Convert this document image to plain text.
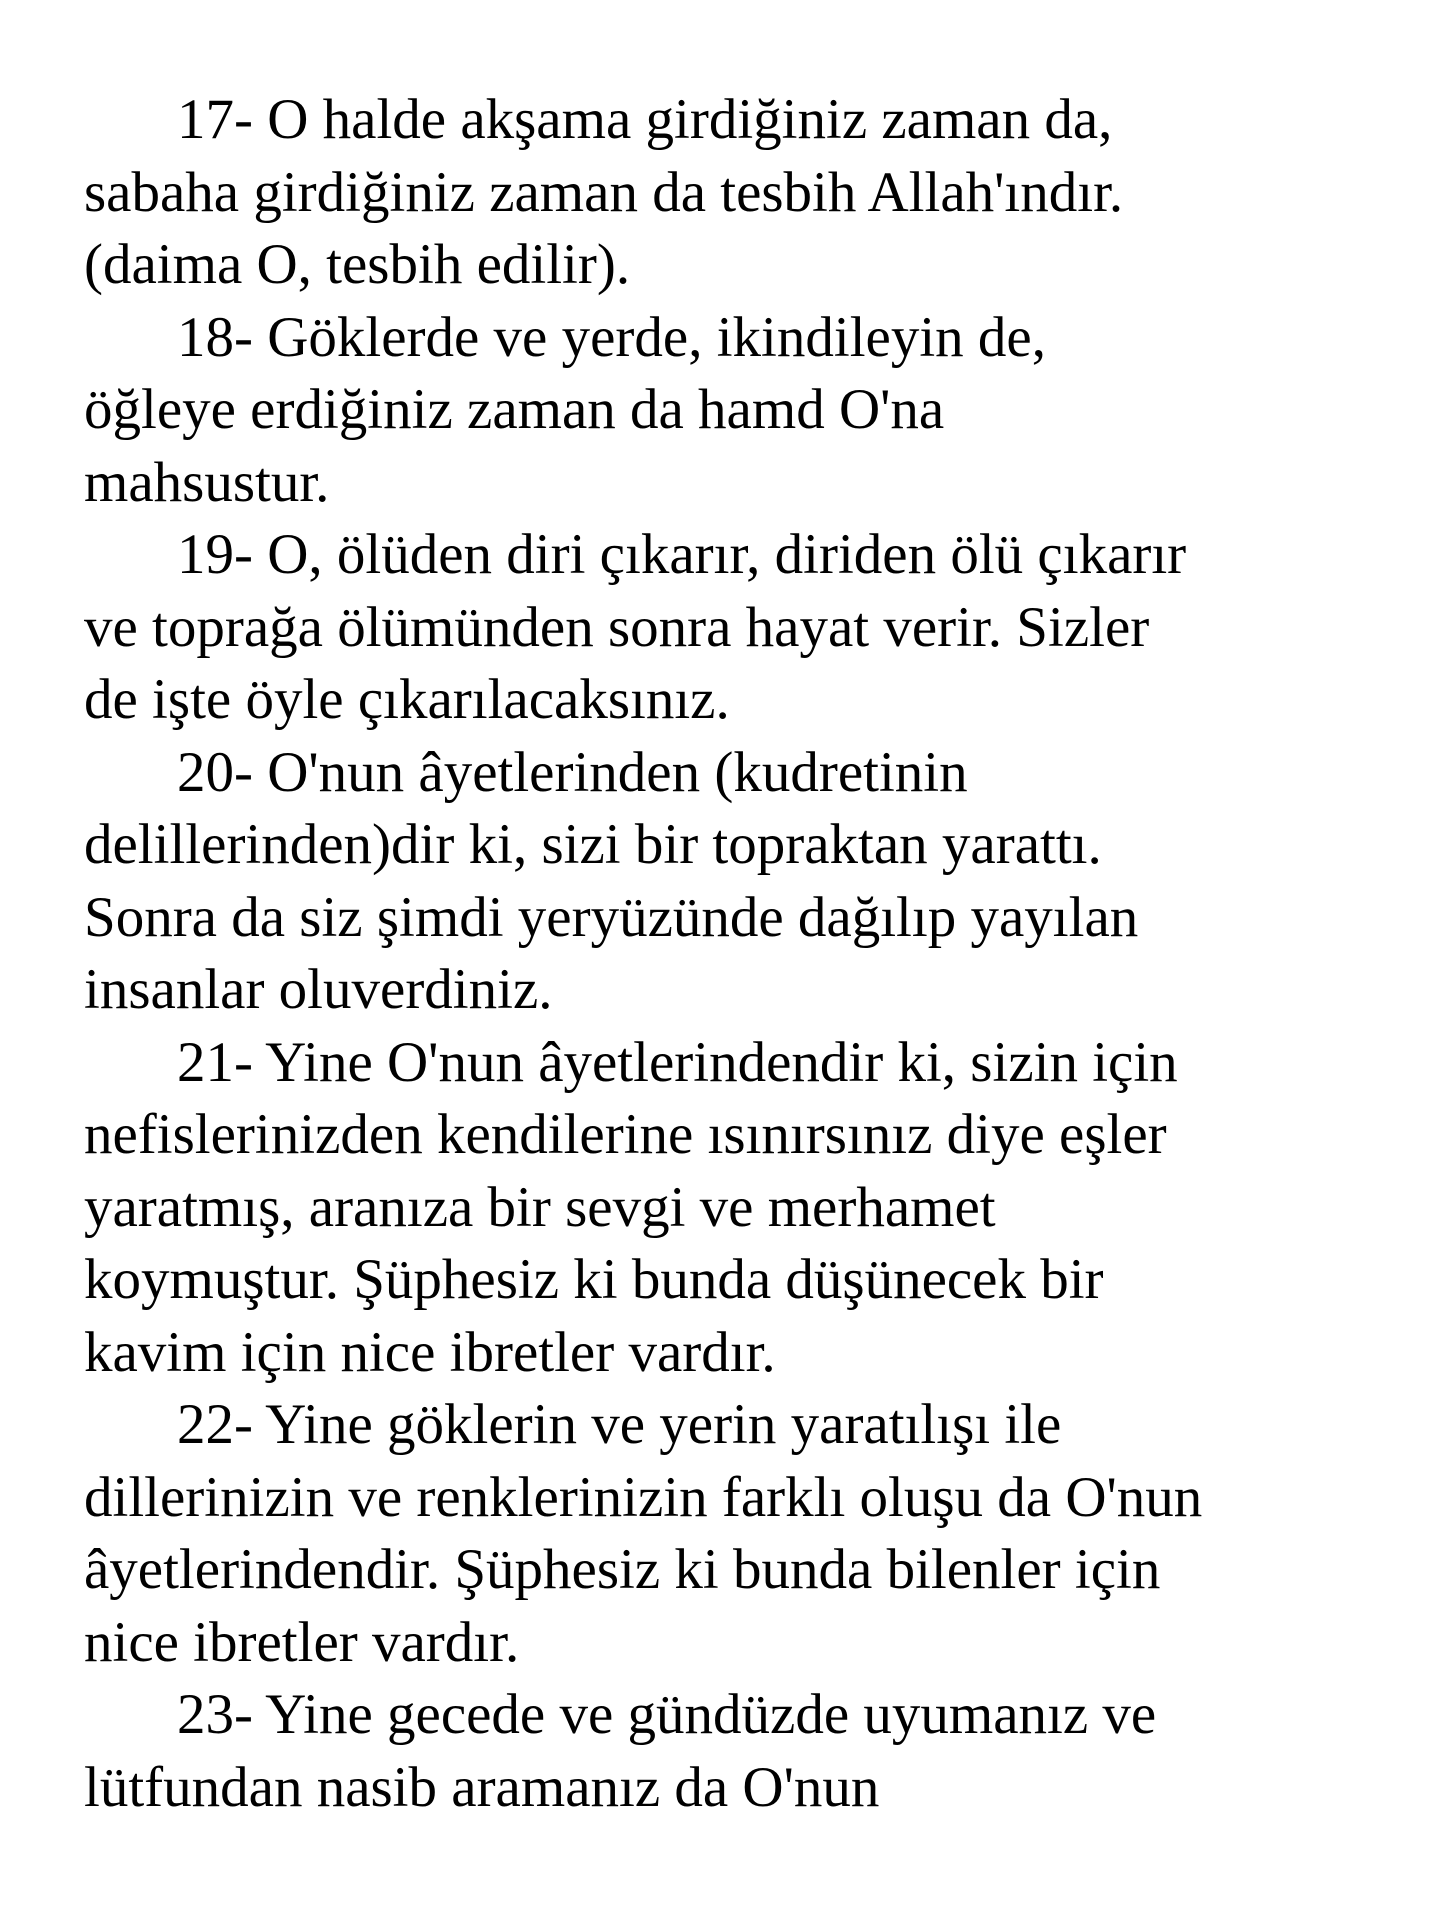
17- O halde akşama girdiğiniz zaman da,
sabaha girdiğiniz zaman da tesbih Allah'ındır.
(daima O, tesbih edilir).
18- Göklerde ve yerde, ikindileyin de,
öğleye erdiğiniz zaman da hamd O'na
mahsustur.
19- O, ölüden diri çıkarır, diriden ölü çıkarır
ve toprağa ölümünden sonra hayat verir. Sizler
de işte öyle çıkarılacaksınız.
20- O'nun âyetlerinden (kudretinin
delillerinden)dir ki, sizi bir topraktan yarattı.
Sonra da siz şimdi yeryüzünde dağılıp yayılan
insanlar oluverdiniz.
21- Yine O'nun âyetlerindendir ki, sizin için
nefislerinizden kendilerine ısınırsınız diye eşler
yaratmış, aranıza bir sevgi ve merhamet
koymuştur. Şüphesiz ki bunda düşünecek bir
kavim için nice ibretler vardır.
22- Yine göklerin ve yerin yaratılışı ile
dillerinizin ve renklerinizin farklı oluşu da O'nun
âyetlerindendir. Şüphesiz ki bunda bilenler için
nice ibretler vardır.
23- Yine gecede ve gündüzde uyumanız ve
lütfundan nasib aramanız da O'nun
